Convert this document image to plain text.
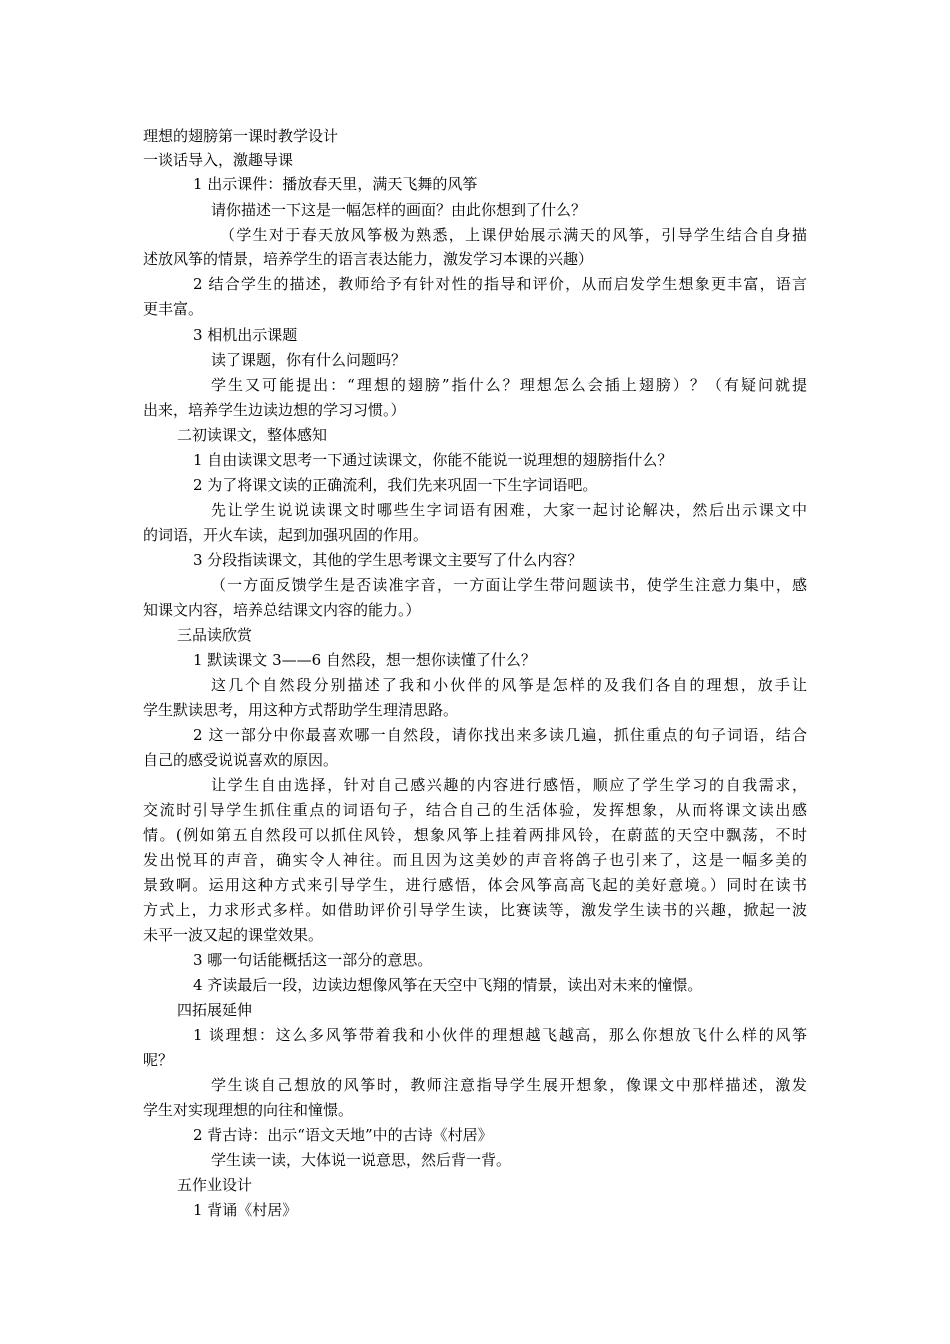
理想的翅膀第一课时教学设计
一谈话导入，激趣导课
1 出示课件：播放春天里，满天飞舞的风筝
请你描述一下这是一幅怎样的画面？由此你想到了什么？
（学生对于春天放风筝极为熟悉，上课伊始展示满天的风筝，引导学生结合自身描
述放风筝的情景，培养学生的语言表达能力，激发学习本课的兴趣）
2 结合学生的描述，教师给予有针对性的指导和评价，从而启发学生想象更丰富，语言
更丰富。
3 相机出示课题
读了课题，你有什么问题吗？
学生又可能提出：“理想的翅膀”指什么？理想怎么会插上翅膀）？（有疑问就提
出来，培养学生边读边想的学习习惯。）
二初读课文，整体感知
1 自由读课文思考一下通过读课文，你能不能说一说理想的翅膀指什么？
2 为了将课文读的正确流利，我们先来巩固一下生字词语吧。
先让学生说说读课文时哪些生字词语有困难，大家一起讨论解决，然后出示课文中
的词语，开火车读，起到加强巩固的作用。
3 分段指读课文，其他的学生思考课文主要写了什么内容？
（一方面反馈学生是否读准字音，一方面让学生带问题读书，使学生注意力集中，感
知课文内容，培养总结课文内容的能力。）
三品读欣赏
1 默读课文 3——6 自然段，想一想你读懂了什么？
这几个自然段分别描述了我和小伙伴的风筝是怎样的及我们各自的理想，放手让
学生默读思考，用这种方式帮助学生理清思路。
2 这一部分中你最喜欢哪一自然段，请你找出来多读几遍，抓住重点的句子词语，结合
自己的感受说说喜欢的原因。
让学生自由选择，针对自己感兴趣的内容进行感悟，顺应了学生学习的自我需求，
交流时引导学生抓住重点的词语句子，结合自己的生活体验，发挥想象，从而将课文读出感
情。(例如第五自然段可以抓住风铃，想象风筝上挂着两排风铃，在蔚蓝的天空中飘荡，不时
发出悦耳的声音，确实令人神往。而且因为这美妙的声音将鸽子也引来了，这是一幅多美的
景致啊。运用这种方式来引导学生，进行感悟，体会风筝高高飞起的美好意境。）同时在读书
方式上，力求形式多样。如借助评价引导学生读，比赛读等，激发学生读书的兴趣，掀起一波
未平一波又起的课堂效果。
3 哪一句话能概括这一部分的意思。
4 齐读最后一段，边读边想像风筝在天空中飞翔的情景，读出对未来的憧憬。
四拓展延伸
1 谈理想：这么多风筝带着我和小伙伴的理想越飞越高，那么你想放飞什么样的风筝
呢？
学生谈自己想放的风筝时，教师注意指导学生展开想象，像课文中那样描述，激发
学生对实现理想的向往和憧憬。
2 背古诗：出示“语文天地”中的古诗《村居》
学生读一读，大体说一说意思，然后背一背。
五作业设计
1 背诵《村居》
